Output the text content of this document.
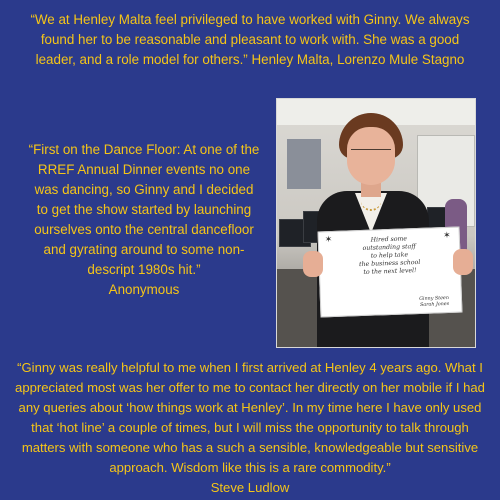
“We at Henley Malta feel privileged to have worked with Ginny. We always found her to be reasonable and pleasant to work with. She was a good leader, and a role model for others.” Henley Malta, Lorenzo Mule Stagno

“First on the Dance Floor: At one of the RREF Annual Dinner events no one was dancing, so Ginny and I decided to get the show started by launching ourselves onto the central dancefloor and gyrating around to some non-descript 1980s hit.”
Anonymous

✶	✶
Hired some
outstanding staff
to help take
the business school
to the next level!
Ginny Steen
Sarah Jones

“Ginny was really helpful to me when I first arrived at Henley 4 years ago. What I appreciated most was her offer to me to contact her directly on her mobile if I had any queries about ‘how things work at Henley’. In my time here I have only used that ‘hot line’ a couple of times, but I will miss the opportunity to talk through matters with someone who has a such a sensible, knowledgeable but sensitive approach. Wisdom like this is a rare commodity.”
Steve Ludlow
